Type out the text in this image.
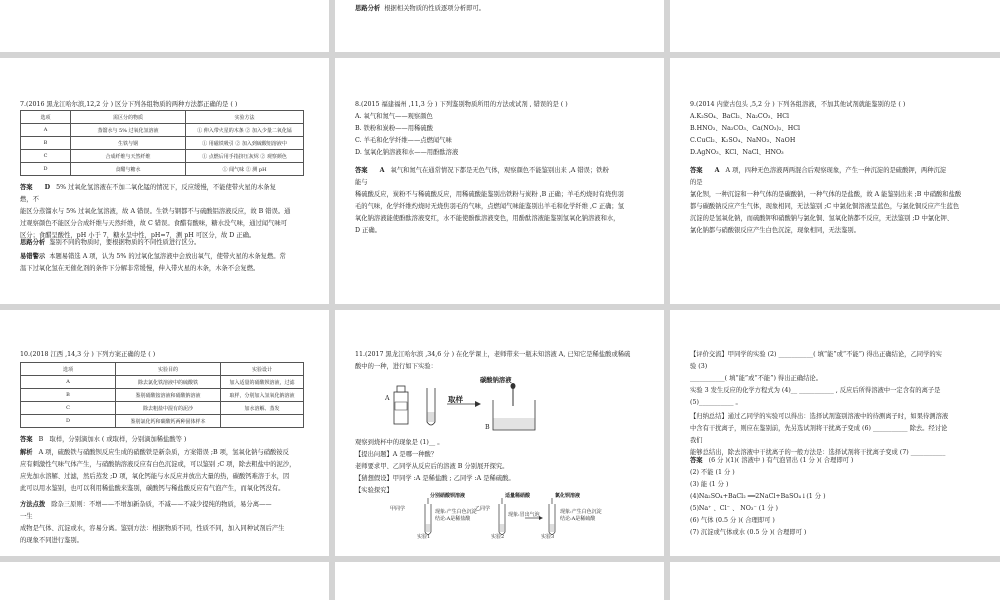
思路分析 根据相关物质的性质逐项分析即可。
7.(2016 黑龙江哈尔滨,12,2 分 ) 区分下列各组物质的两种方法都正确的是 ( )
选项	需区分的物质	实验方法
A	蒸馏水与 5% 过氧化氢溶液	① 伸入带火星的木条 ② 加入少量二氧化锰
B	生铁与钢	① 用磁铁吸引 ② 加入到硫酸铝溶液中
C	合成纤维与天然纤维	① 点燃后用手指挤压灰烬 ② 观察颜色
D	食醋与糖水	① 闻气味 ② 测 pH
答案 D 5% 过氧化氢溶液在不加二氧化锰的情况下，反应缓慢，不能使带火星的木条复
燃，不
能区分蒸馏水与 5% 过氧化氢溶液，故 A 错误。生铁与钢都不与硫酸铝溶液反应，故 B 错误。通
过观察颜色不能区分合成纤维与天然纤维，故 C 错误。食醋有酸味，糖水没气味，通过闻气味可
区分；食醋呈酸性，pH 小于 7，糖水呈中性，pH=7，测 pH 可区分，故 D 正确。
思路分析 鉴别不同的物质时，要根据物质的不同性质进行区分。
易错警示 本题易错选 A 项，认为 5% 的过氧化氢溶液中会放出氧气，使带火星的木条复燃。常
温下过氧化氢在无催化剂的条件下分解非常缓慢，伸入带火星的木条，木条不会复燃。
8.(2015 福建福州 ,11,3 分 ) 下列鉴别物质所用的方法或试剂 , 错误的是 ( )
A. 氧气和氮气——观察颜色
B. 铁粉和炭粉——用稀硫酸
C. 羊毛和化学纤维——点燃闻气味
D. 氢氧化钠溶液和水——用酚酞溶液
答案 A 氧气和氮气在通常情况下都是无色气体，观察颜色不能鉴别出来 ,A 错误；铁粉
能与
稀硫酸反应，炭粉不与稀硫酸反应，用稀硫酸能鉴别出铁粉与炭粉 ,B 正确；羊毛灼烧时有烧焦羽
毛的气味，化学纤维灼烧时无烧焦羽毛的气味，点燃闻气味能鉴别出羊毛和化学纤维 ,C 正确；氢
氧化钠溶液能使酚酞溶液变红，水不能使酚酞溶液变色，用酚酞溶液能鉴别氢氧化钠溶液和水，
D 正确。
9.(2014 内蒙古包头 ,5,2 分 ) 下列各组溶液，不加其他试剂就能鉴别的是 ( )
A.K₂SO₄、BaCl₂、Na₂CO₃、HCl
B.HNO₃、Na₂CO₃、Ca(NO₃)₂、HCl
C.CuCl₂、K₂SO₄、NaNO₃、NaOH
D.AgNO₃、KCl、NaCl、HNO₃
答案 A A 项，四种无色溶液两两混合后观察现象，产生一种沉淀的是硫酸钾，两种沉淀
的是
氯化钡，一种沉淀和一种气体的是碳酸钠，一种气体的是盐酸，故 A 能鉴别出来 ;B 中硝酸和盐酸
都与碳酸钠反应产生气体，现象相同，无法鉴别 ;C 中氯化铜溶液呈蓝色，与氯化铜反应产生蓝色
沉淀的是氢氧化钠，而硫酸钾和硝酸钠与氯化铜、氢氧化钠都不反应，无法鉴别 ;D 中氯化钾、
氯化钠都与硝酸银反应产生白色沉淀，现象相同，无法鉴别。
10.(2018 江西 ,14,3 分 ) 下列方案正确的是 ( )
选项	实验目的	实验设计
A	除去氯化铁溶液中的硫酸铁	加入适量的硝酸钡溶液，过滤
B	鉴别硝酸铵溶液和硝酸钠溶液	取样，分别加入氢氧化钠溶液
C	除去粗盐中混有的泥沙	加水溶解、蒸发
D	鉴别氯化钙和碳酸钙两种固体样本	
答案 B　取样，分别滴加水 ( 或取样，分别滴加稀盐酸等 )
解析 A 项，硫酸铁与硝酸钡反应生成的硝酸铁是新杂质，方案错误 ;B 项，氢氧化钠与硝酸铵反
应有刺激性气味气体产生，与硝酸钠溶液反应有白色沉淀或，可以鉴别 ;C 项，除去粗盐中的泥沙，
应先加水溶解、过滤，然后蒸发 ;D 项，氧化钙能与水反应并放出大量的热，碳酸钙难溶于水，因
此可以用水鉴别，也可以利用稀盐酸来鉴别，碳酸钙与稀盐酸反应有气泡产生，而氧化钙没有。
方法点拨 除杂三原则：不增——不增加新杂质，不减——不减少提纯的物质，易分离——
一生
成物是气体、沉淀或水，容易分离。鉴别方法：根据物质不同，性质不同，加入同种试剂后产生
的现象不同进行鉴别。
11.(2017 黑龙江哈尔滨 ,34,6 分 ) 在化学课上，老师带来一瓶未知溶液 A, 已知它是稀盐酸或稀硫
酸中的一种，进行如下实验：
碳酸钠溶液
取样
A
B
观察到烧杯中的现象是 (1)__ 。
【提出问题】A 是哪一种酸？
老师要求甲、乙同学从反应后的溶液 B 分别展开探究。
【猜想假设】甲同学 :A 是稀盐酸 ; 乙同学 :A 是稀硫酸。
【实验探究】
甲同学	乙同学
分别硝酸钡溶液	适量稀硝酸	氯化钡溶液
现象:产生白色沉淀
结论:A是稀盐酸
现象:冒出气泡	现象:产生白色沉淀
结论:A是稀硫酸
实验1	实验2	实验3
【评价交流】甲同学的实验 (2) ___________( 填“能”或“不能”) 得出正确结论，乙同学的实
验 (3)
___________( 填“能”或“不能”) 得出正确结论。
实验 3 发生反应的化学方程式为 (4)__ ___________ , 反应后所得溶液中一定含有的离子是
(5)___________ 。
【归纳总结】通过乙同学的实验可以得出：选择试剂鉴别溶液中的待测离子时，如果待测溶液
中含有干扰离子，则应在鉴别前，先另选试剂将干扰离子变成 (6) ___________ 除去。经讨论
我们
能够总结出，除去溶液中干扰离子的一般方法是：选择试剂将干扰离子变成 (7) ___________
答案 (6 分 )(1)( 溶液中 ) 有气泡冒出 (1 分 )( 合理即可 )
(2) 不能 (1 分 )
(3) 能 (1 分 )
(4)Na₂SO₄+BaCl₂ ══2NaCl+BaSO₄↓(1 分 )
(5)Na⁺ 、Cl⁻ 、 NO₃⁻ (1 分 )
(6) 气体 (0.5 分 )( 合理即可 )
(7) 沉淀或气体或水 (0.5 分 )( 合理即可 )
